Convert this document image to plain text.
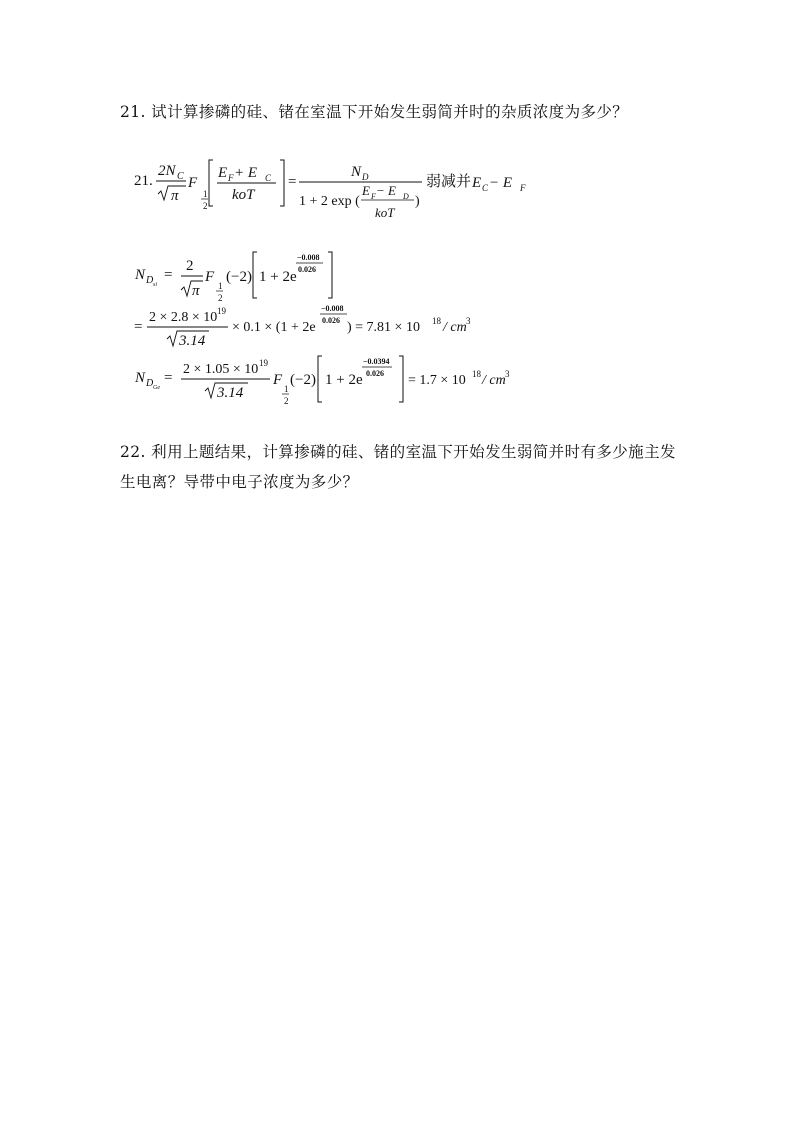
21. 试计算掺磷的硅、锗在室温下开始发生弱简并时的杂质浓度为多少？
21.
2N C
π
F
1
2
E F + E C
koT
=
N D
1 + 2 exp (
E F − E D
koT
)
弱减并 E C − E F
N D si
=
2
π
F
1
2
(−2) 1 + 2e
−0.008
0.026
=
2 × 2.8 × 10 19
3.14
× 0.1 × (1 + 2e
−0.008
0.026 ) = 7.81 × 10 18 / cm 3
N D Ge
=
2 × 1.05 × 10 19
3.14
F
1
2
(−2) 1 + 2e
−0.0394
0.026 = 1.7 × 10 18 / cm 3
22. 利用上题结果，计算掺磷的硅、锗的室温下开始发生弱简并时有多少施主发
生电离？导带中电子浓度为多少？
